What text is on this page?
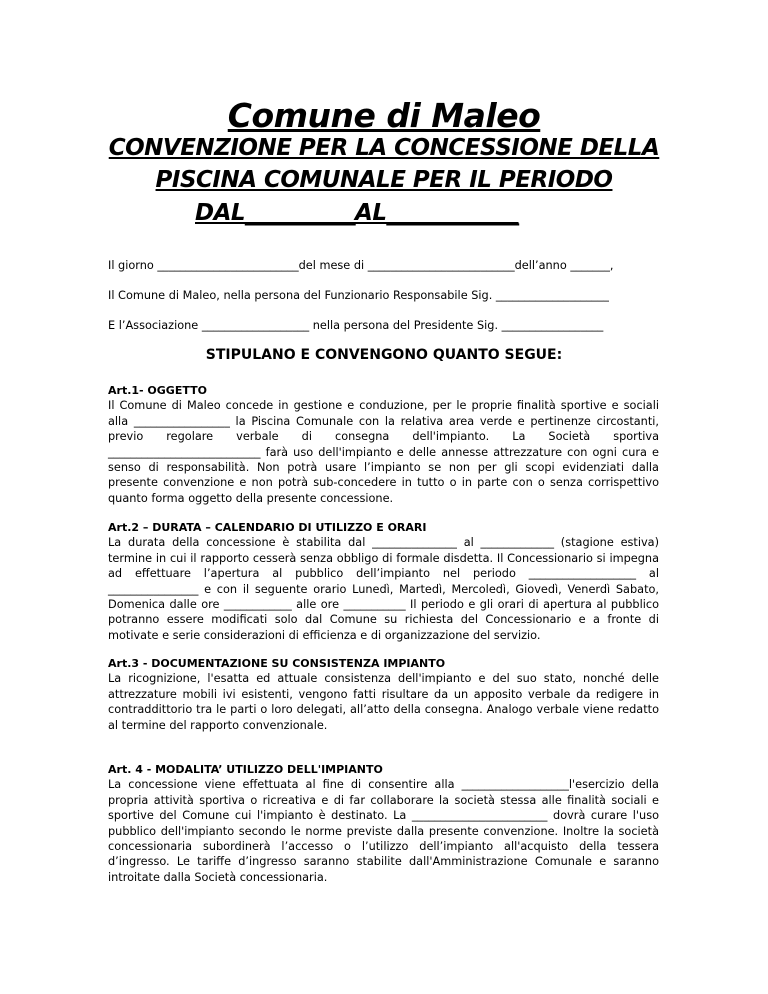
Comune di Maleo
CONVENZIONE PER LA CONCESSIONE DELLA
PISCINA COMUNALE PER IL PERIODO
DAL__________AL____________
Il giorno _________________________del mese di __________________________dell’anno _______,
Il Comune di Maleo, nella persona del Funzionario Responsabile Sig. ____________________
E l’Associazione ___________________ nella persona del Presidente Sig. __________________
STIPULANO E CONVENGONO QUANTO SEGUE:
Art.1- OGGETTO

Il Comune di Maleo concede in gestione e conduzione, per le proprie finalità sportive e sociali alla _________________ la Piscina Comunale con la relativa area verde e pertinenze circostanti, previo regolare verbale di consegna dell'impianto. La Società sportiva ___________________________ farà uso dell'impianto e delle annesse attrezzature con ogni cura e senso di responsabilità. Non potrà usare l’impianto se non per gli scopi evidenziati dalla presente convenzione e non potrà sub-concedere in tutto o in parte con o senza corrispettivo quanto forma oggetto della presente concessione.

Art.2 – DURATA – CALENDARIO DI UTILIZZO E ORARI

La durata della concessione è stabilita dal _______________ al _____________ (stagione estiva) termine in cui il rapporto cesserà senza obbligo di formale disdetta. Il Concessionario si impegna ad effettuare l’apertura al pubblico dell’impianto nel periodo ___________________ al ________________ e con il seguente orario Lunedì, Martedì, Mercoledì, Giovedì, Venerdì Sabato, Domenica dalle ore ____________ alle ore ___________ Il periodo e gli orari di apertura al pubblico potranno essere modificati solo dal Comune su richiesta del Concessionario e a fronte di motivate e serie considerazioni di efficienza e di organizzazione del servizio.

Art.3 - DOCUMENTAZIONE SU CONSISTENZA IMPIANTO

La ricognizione, l'esatta ed attuale consistenza dell'impianto e del suo stato, nonché delle attrezzature mobili ivi esistenti, vengono fatti risultare da un apposito verbale da redigere in contraddittorio tra le parti o loro delegati, all’atto della consegna. Analogo verbale viene redatto al termine del rapporto convenzionale.

Art. 4 - MODALITA’ UTILIZZO DELL'IMPIANTO

La concessione viene effettuata al fine di consentire alla ___________________l'esercizio della propria attività sportiva o ricreativa e di far collaborare la società stessa alle finalità sociali e sportive del Comune cui l'impianto è destinato. La ________________________ dovrà curare l'uso pubblico dell'impianto secondo le norme previste dalla presente convenzione. Inoltre la società concessionaria subordinerà l’accesso o l’utilizzo dell’impianto all'acquisto della tessera d’ingresso. Le tariffe d’ingresso saranno stabilite dall'Amministrazione Comunale e saranno introitate dalla Società concessionaria.
